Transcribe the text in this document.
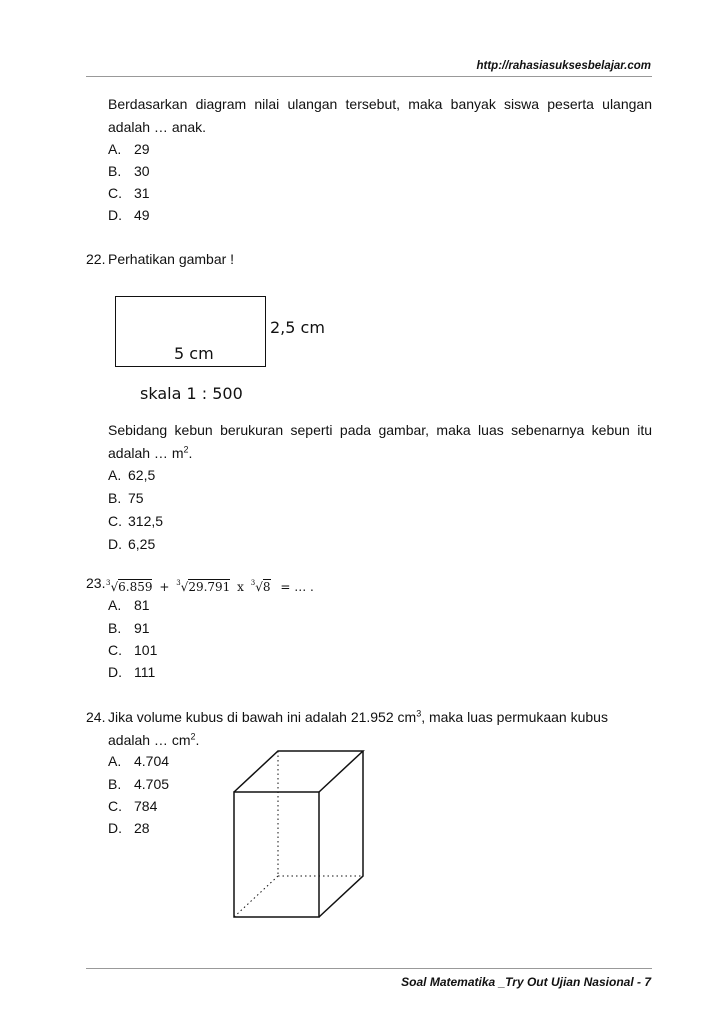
http://rahasiasuksesbelajar.com
Berdasarkan diagram nilai ulangan tersebut, maka banyak siswa peserta ulangan
adalah … anak.
A. 29
B. 30
C. 31
D. 49
22. Perhatikan gambar !
2,5 cm
5 cm
skala 1 : 500
Sebidang kebun berukuran seperti pada gambar, maka luas sebenarnya kebun itu
adalah … $m^2$.
A. 62,5
B. 75
C. 312,5
D. 6,25
23. $^3$√6.859 + $^3$√29.791 x $^3$√8 = … .
A. 81
B. 91
C. 101
D. 111
24. Jika volume kubus di bawah ini adalah 21.952 $cm^3$, maka luas permukaan kubus
adalah … $cm^2$.
A. 4.704
B. 4.705
C. 784
D. 28
Soal Matematika _Try Out Ujian Nasional - 7
